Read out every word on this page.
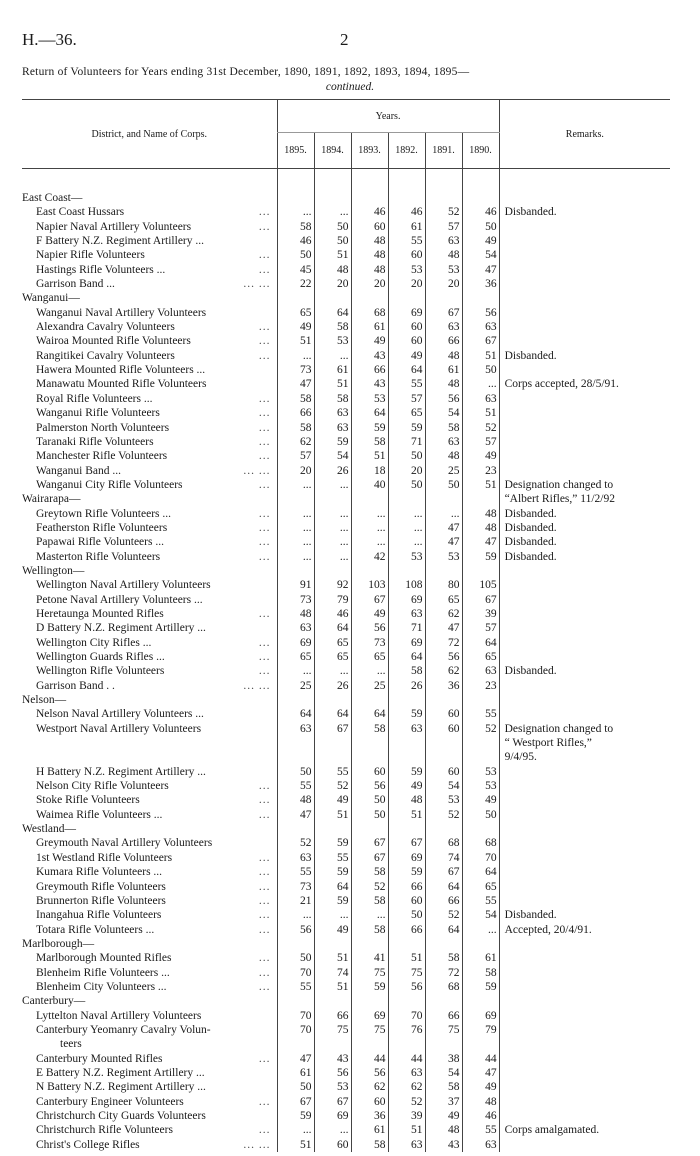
H.—36.	2
Return of Volunteers for Years ending 31st December, 1890, 1891, 1892, 1893, 1894, 1895—
continued.
District, and Name of Corps.	Years.						Remarks.
	1895.	1894.	1893.	1892.	1891.	1890.	

East Coast—							

East Coast Hussars ...	...	...	46	46	52	46	Disbanded.

Napier Naval Artillery Volunteers ...	58	50	60	61	57	50	

F Battery N.Z. Regiment Artillery ...	46	50	48	55	63	49	

Napier Rifle Volunteers ...	50	51	48	60	48	54	

Hastings Rifle Volunteers ... ...	45	48	48	53	53	47	

Garrison Band ... ... ...	22	20	20	20	20	36	

Wanganui—							

Wanganui Naval Artillery Volunteers	65	64	68	69	67	56	

Alexandra Cavalry Volunteers ...	49	58	61	60	63	63	

Wairoa Mounted Rifle Volunteers ...	51	53	49	60	66	67	

Rangitikei Cavalry Volunteers ...	...	...	43	49	48	51	Disbanded.

Hawera Mounted Rifle Volunteers ...	73	61	66	64	61	50	

Manawatu Mounted Rifle Volunteers	47	51	43	55	48	...	Corps accepted, 28/5/91.

Royal Rifle Volunteers ... ...	58	58	53	57	56	63	

Wanganui Rifle Volunteers ...	66	63	64	65	54	51	

Palmerston North Volunteers ...	58	63	59	59	58	52	

Taranaki Rifle Volunteers ...	62	59	58	71	63	57	

Manchester Rifle Volunteers ...	57	54	51	50	48	49	

Wanganui Band ... ... ...	20	26	18	20	25	23	

Wanganui City Rifle Volunteers ...	...	...	40	50	50	51	Designation changed to

Wairarapa—							“Albert Rifles,” 11/2/92

Greytown Rifle Volunteers ... ...	...	...	...	...	...	48	Disbanded.

Featherston Rifle Volunteers ...	...	...	...	...	47	48	Disbanded.

Papawai Rifle Volunteers ... ...	...	...	...	...	47	47	Disbanded.

Masterton Rifle Volunteers ...	...	...	42	53	53	59	Disbanded.

Wellington—							

Wellington Naval Artillery Volunteers	91	92	103	108	80	105	

Petone Naval Artillery Volunteers ...	73	79	67	69	65	67	

Heretaunga Mounted Rifles ...	48	46	49	63	62	39	

D Battery N.Z. Regiment Artillery ...	63	64	56	71	47	57	

Wellington City Rifles ... ...	69	65	73	69	72	64	

Wellington Guards Rifles ... ...	65	65	65	64	56	65	

Wellington Rifle Volunteers ...	...	...	...	58	62	63	Disbanded.

Garrison Band . . ... ...	25	26	25	26	36	23	

Nelson—							

Nelson Naval Artillery Volunteers ...	64	64	64	59	60	55	

Westport Naval Artillery Volunteers	63	67	58	63	60	52	Designation changed to

							“ Westport Rifles,”

							9/4/95.

H Battery N.Z. Regiment Artillery ...	50	55	60	59	60	53	

Nelson City Rifle Volunteers ...	55	52	56	49	54	53	

Stoke Rifle Volunteers ...	48	49	50	48	53	49	

Waimea Rifle Volunteers ... ...	47	51	50	51	52	50	

Westland—							

Greymouth Naval Artillery Volunteers	52	59	67	67	68	68	

1st Westland Rifle Volunteers ...	63	55	67	69	74	70	

Kumara Rifle Volunteers ... ...	55	59	58	59	67	64	

Greymouth Rifle Volunteers ...	73	64	52	66	64	65	

Brunnerton Rifle Volunteers ...	21	59	58	60	66	55	

Inangahua Rifle Volunteers ...	...	...	...	50	52	54	Disbanded.

Totara Rifle Volunteers ... ...	56	49	58	66	64	...	Accepted, 20/4/91.

Marlborough—							

Marlborough Mounted Rifles ...	50	51	41	51	58	61	

Blenheim Rifle Volunteers ... ...	70	74	75	75	72	58	

Blenheim City Volunteers ... ...	55	51	59	56	68	59	

Canterbury—							

Lyttelton Naval Artillery Volunteers	70	66	69	70	66	69	

Canterbury Yeomanry Cavalry Volun-	70	75	75	76	75	79	

teers							

Canterbury Mounted Rifles ...	47	43	44	44	38	44	

E Battery N.Z. Regiment Artillery ...	61	56	56	63	54	47	

N Battery N.Z. Regiment Artillery ...	50	53	62	62	58	49	

Canterbury Engineer Volunteers ...	67	67	60	52	37	48	

Christchurch City Guards Volunteers	59	69	36	39	49	46	

Christchurch Rifle Volunteers ...	...	...	61	51	48	55	Corps amalgamated.

Christ's College Rifles ... ...	51	60	58	63	43	63	
